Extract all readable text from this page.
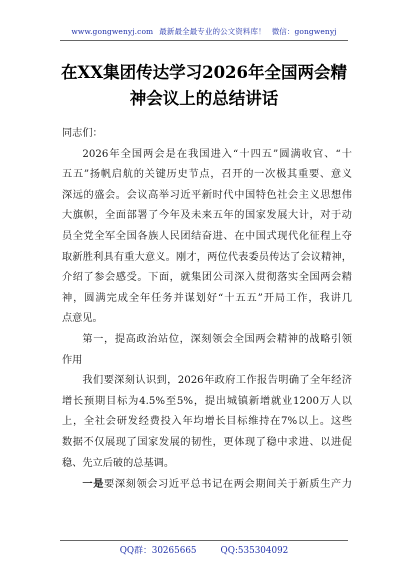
www.gongwenyj.com 最新最全最专业的公文资料库！ 微信：gongwenyj
在XX集团传达学习2026年全国两会精
神会议上的总结讲话

同志们：

2026年全国两会是在我国进入“十四五”圆满收官、“十
五五”扬帆启航的关键历史节点，召开的一次极其重要、意义
深远的盛会。会议高举习近平新时代中国特色社会主义思想伟
大旗帜，全面部署了今年及未来五年的国家发展大计，对于动
员全党全军全国各族人民团结奋进、在中国式现代化征程上夺
取新胜利具有重大意义。刚才，两位代表委员传达了会议精神，
介绍了参会感受。下面，就集团公司深入贯彻落实全国两会精
神，圆满完成全年任务并谋划好“十五五”开局工作，我讲几
点意见。

第一，提高政治站位，深刻领会全国两会精神的战略引领
作用

我们要深刻认识到，2026年政府工作报告明确了全年经济
增长预期目标为4.5%至5%，提出城镇新增就业1200万人以
上，全社会研发经费投入年均增长目标维持在7%以上。这些
数据不仅展现了国家发展的韧性，更体现了稳中求进、以进促
稳、先立后破的总基调。

一是要深刻领会习近平总书记在两会期间关于新质生产力

QQ群：30265665	QQ:535304092
